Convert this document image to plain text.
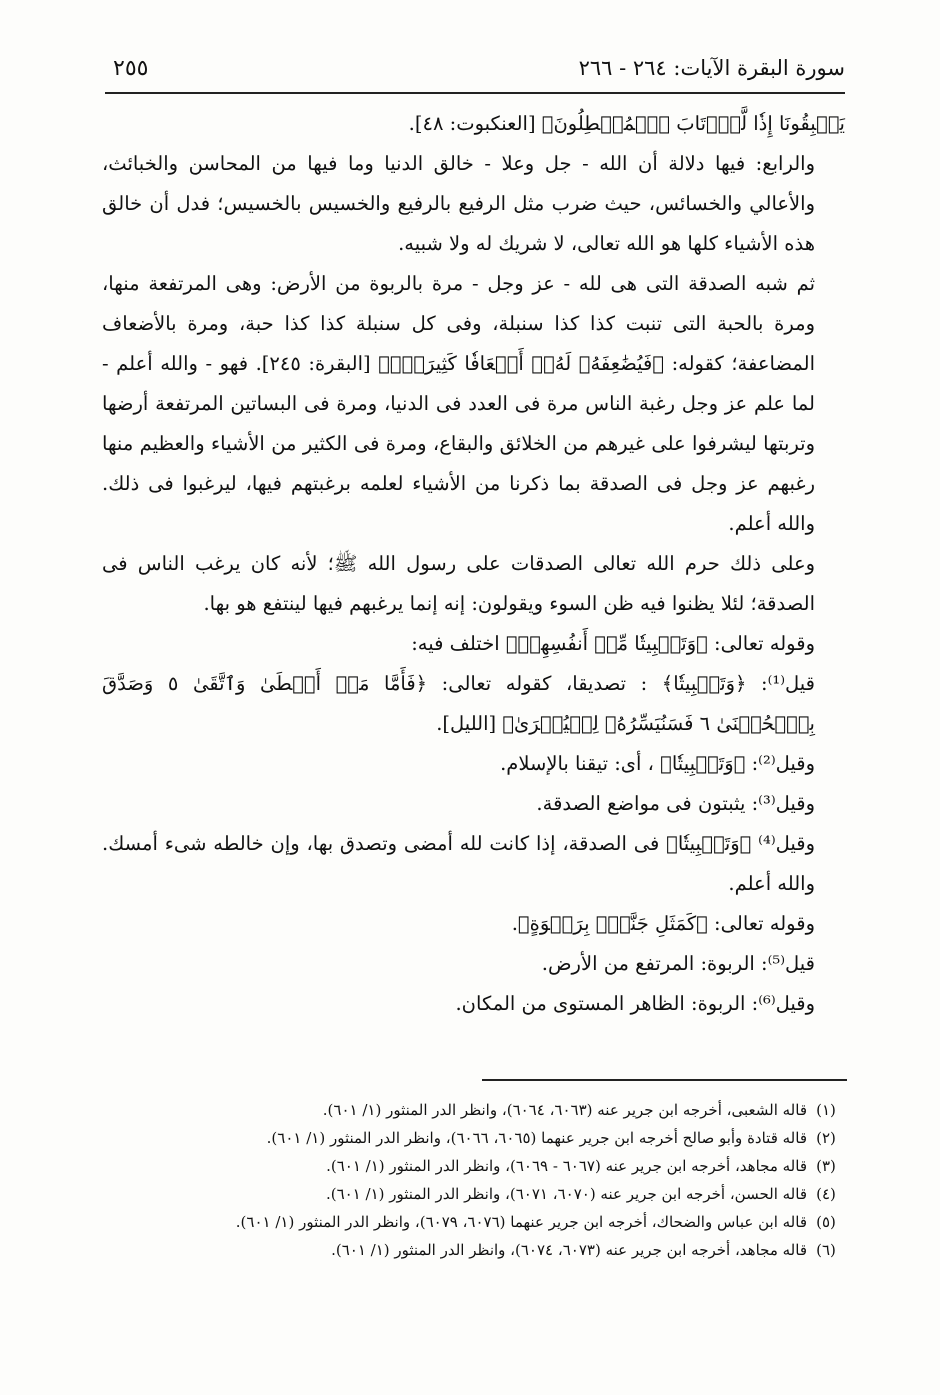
٢٥٥	سورة البقرة الآيات: ٢٦٤ - ٢٦٦

يَسۡبِقُونَا إِذٗا لَّٱرۡتَابَ ٱلۡمُبۡطِلُونَ﴾ [العنكبوت: ٤٨].

والرابع: فيها دلالة أن الله - جل وعلا - خالق الدنيا وما فيها من المحاسن والخبائث، والأعالي والخسائس، حيث ضرب مثل الرفيع بالرفيع والخسيس بالخسيس؛ فدل أن خالق هذه الأشياء كلها هو الله تعالى، لا شريك له ولا شبيه.

ثم شبه الصدقة التى هى لله - عز وجل - مرة بالربوة من الأرض: وهى المرتفعة منها، ومرة بالحبة التى تنبت كذا كذا سنبلة، وفى كل سنبلة كذا كذا حبة، ومرة بالأضعاف المضاعفة؛ كقوله: ﴿فَيُضَٰعِفَهُۥ لَهُۥٓ أَضۡعَافٗا كَثِيرَةٗۚ﴾ [البقرة: ٢٤٥]. فهو - والله أعلم - لما علم عز وجل رغبة الناس مرة فى العدد فى الدنيا، ومرة فى البساتين المرتفعة أرضها وتربتها ليشرفوا على غيرهم من الخلائق والبقاع، ومرة فى الكثير من الأشياء والعظيم منها رغبهم عز وجل فى الصدقة بما ذكرنا من الأشياء لعلمه برغبتهم فيها، ليرغبوا فى ذلك. والله أعلم.

وعلى ذلك حرم الله تعالى الصدقات على رسول الله ﷺ؛ لأنه كان يرغب الناس فى الصدقة؛ لئلا يظنوا فيه ظن السوء ويقولون: إنه إنما يرغبهم فيها لينتفع هو بها.

وقوله تعالى: ﴿وَتَثۡبِيتٗا مِّنۡ أَنفُسِهِمۡ﴾ اختلف فيه:

قيل⁽¹⁾: ﴿وَتَثۡبِيتٗا﴾ : تصديقا، كقوله تعالى: ﴿فَأَمَّا مَنۡ أَعۡطَىٰ وَٱتَّقَىٰ ٥ وَصَدَّقَ بِٱلۡحُسۡنَىٰ ٦ فَسَنُيَسِّرُهُۥ لِلۡيُسۡرَىٰ﴾ [الليل].

وقيل⁽²⁾: ﴿وَتَثۡبِيتٗا﴾ ، أى: تيقنا بالإسلام.

وقيل⁽³⁾: يثبتون فى مواضع الصدقة.

وقيل⁽⁴⁾ ﴿وَتَثۡبِيتٗا﴾ فى الصدقة، إذا كانت لله أمضى وتصدق بها، وإن خالطه شىء أمسك. والله أعلم.

وقوله تعالى: ﴿كَمَثَلِ جَنَّةِۭ بِرَبۡوَةٍ﴾.

قيل⁽⁵⁾: الربوة: المرتفع من الأرض.

وقيل⁽⁶⁾: الربوة: الظاهر المستوى من المكان.

(١)
قاله الشعبى، أخرجه ابن جرير عنه (٦٠٦٣، ٦٠٦٤)، وانظر الدر المنثور (١/ ٦٠١).
(٢)
قاله قتادة وأبو صالح أخرجه ابن جرير عنهما (٦٠٦٥، ٦٠٦٦)، وانظر الدر المنثور (١/ ٦٠١).
(٣)
قاله مجاهد، أخرجه ابن جرير عنه (٦٠٦٧ - ٦٠٦٩)، وانظر الدر المنثور (١/ ٦٠١).
(٤)
قاله الحسن، أخرجه ابن جرير عنه (٦٠٧٠، ٦٠٧١)، وانظر الدر المنثور (١/ ٦٠١).
(٥)
قاله ابن عباس والضحاك، أخرجه ابن جرير عنهما (٦٠٧٦، ٦٠٧٩)، وانظر الدر المنثور (١/ ٦٠١).
(٦)
قاله مجاهد، أخرجه ابن جرير عنه (٦٠٧٣، ٦٠٧٤)، وانظر الدر المنثور (١/ ٦٠١).
